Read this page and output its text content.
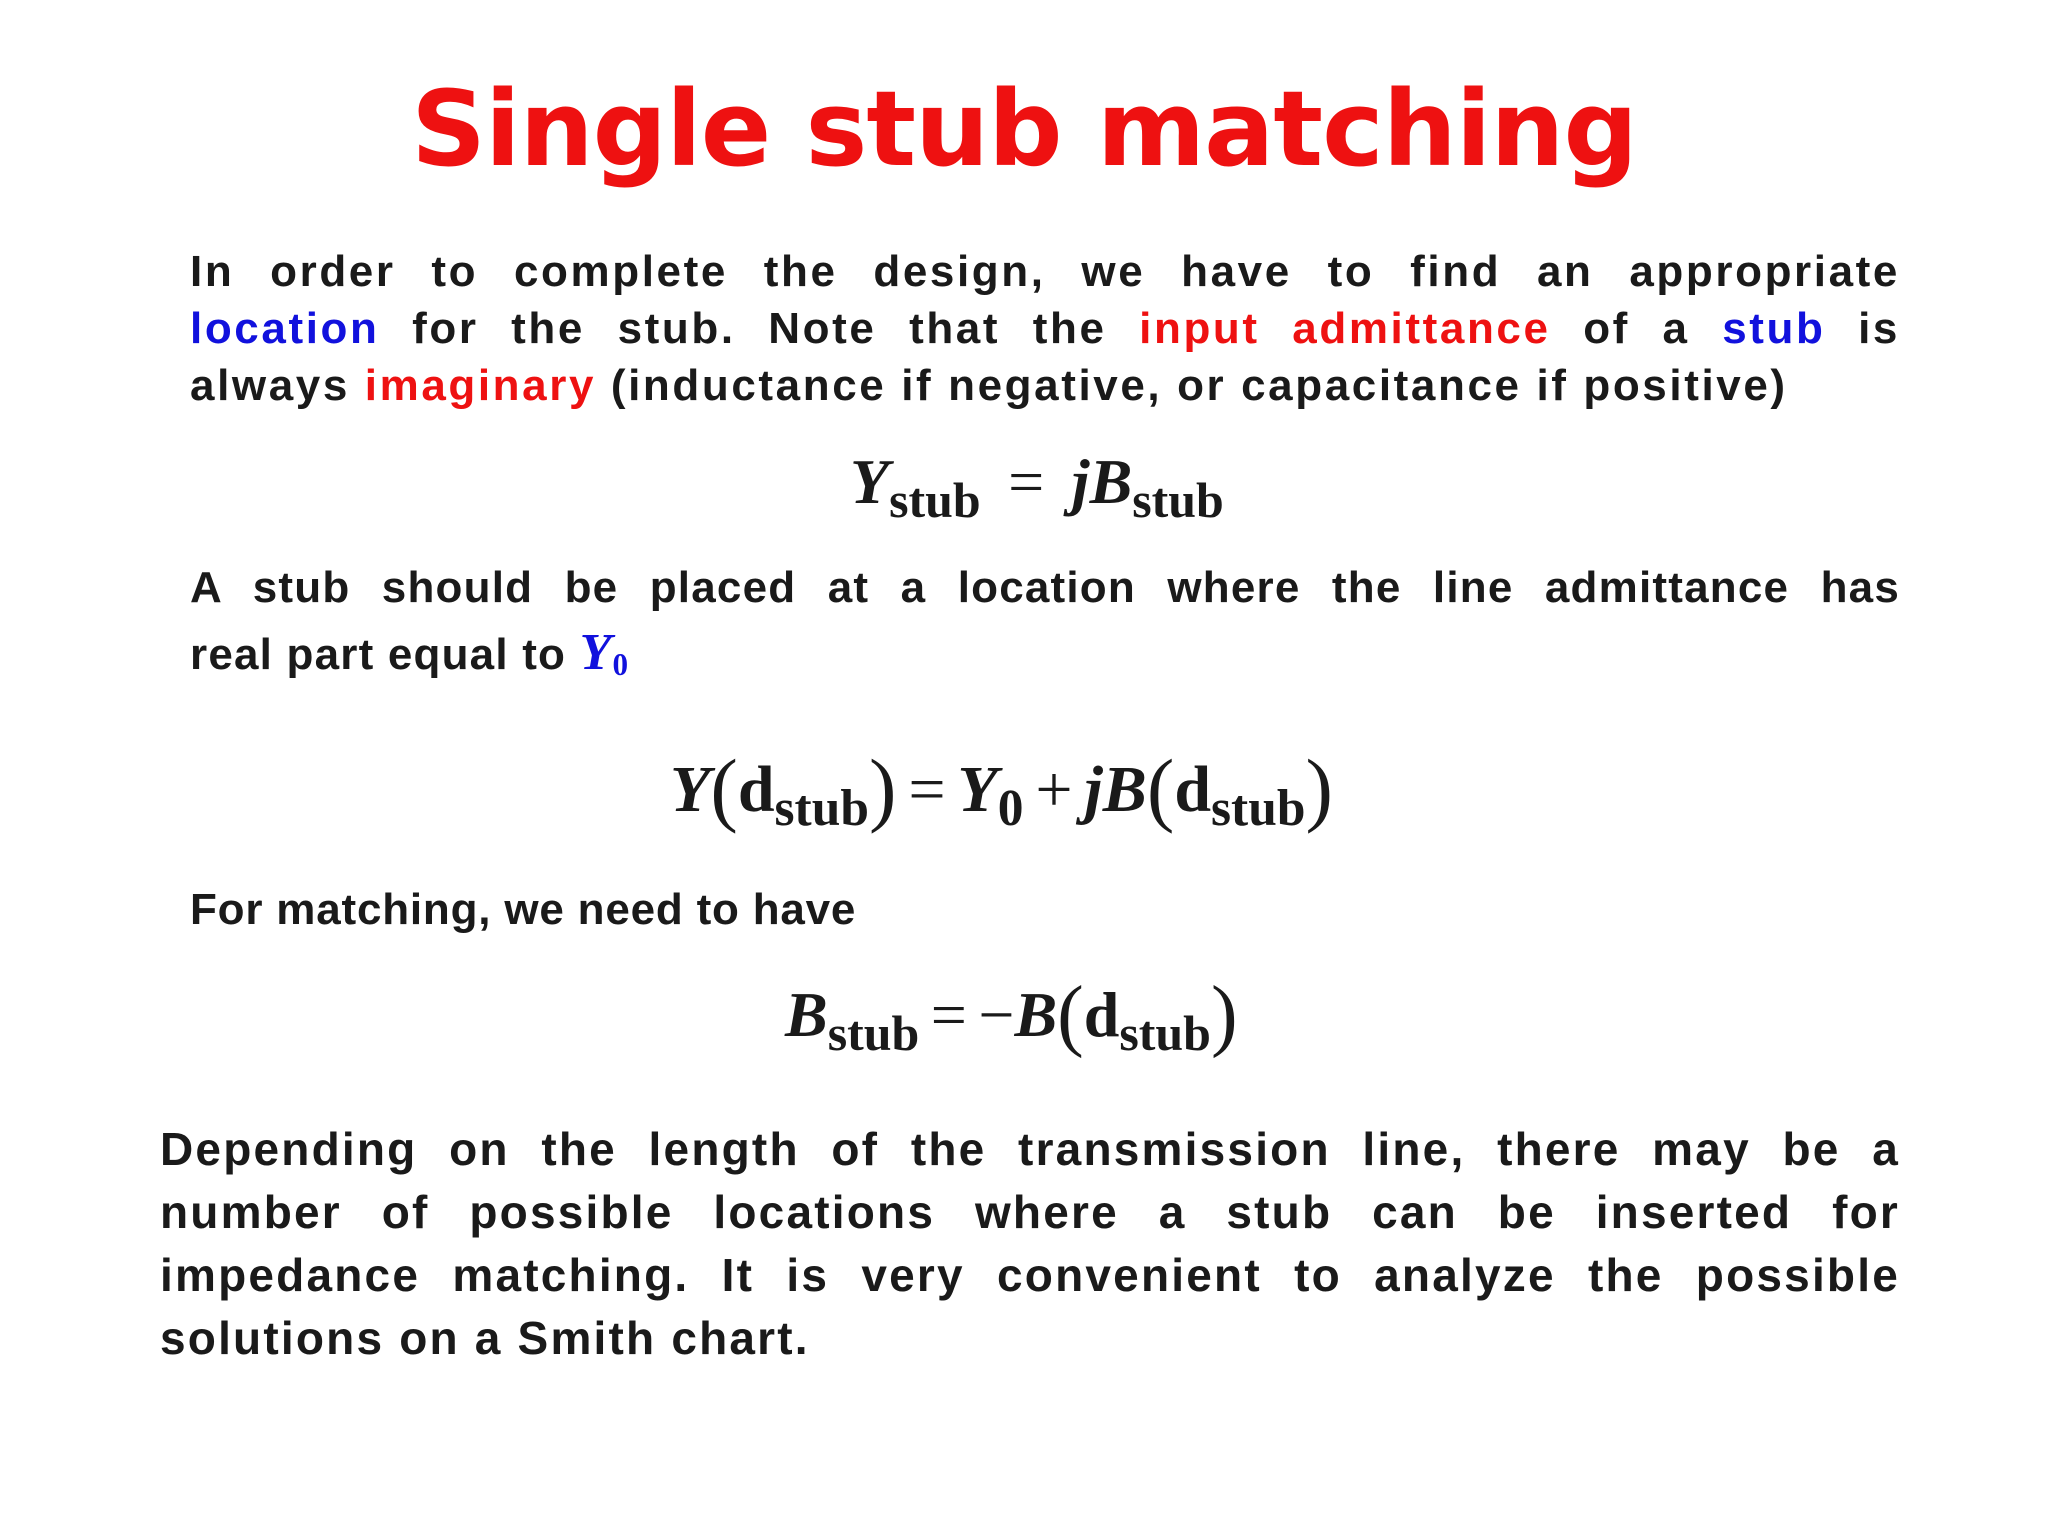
Single stub matching
In order to complete the design, we have to find an appropriate
location for the stub. Note that the input admittance of a stub is
always imaginary (inductance if negative, or capacitance if positive)
$Y_{stub} = jB_{stub}$
A stub should be placed at a location where the line admittance has
real part equal to Y0
$Y(d_{stub}) = Y_0 + jB(d_{stub})$
For matching, we need to have
$B_{stub} = -B(d_{stub})$
Depending on the length of the transmission line, there may be a
number of possible locations where a stub can be inserted for
impedance matching. It is very convenient to analyze the possible
solutions on a Smith chart.
